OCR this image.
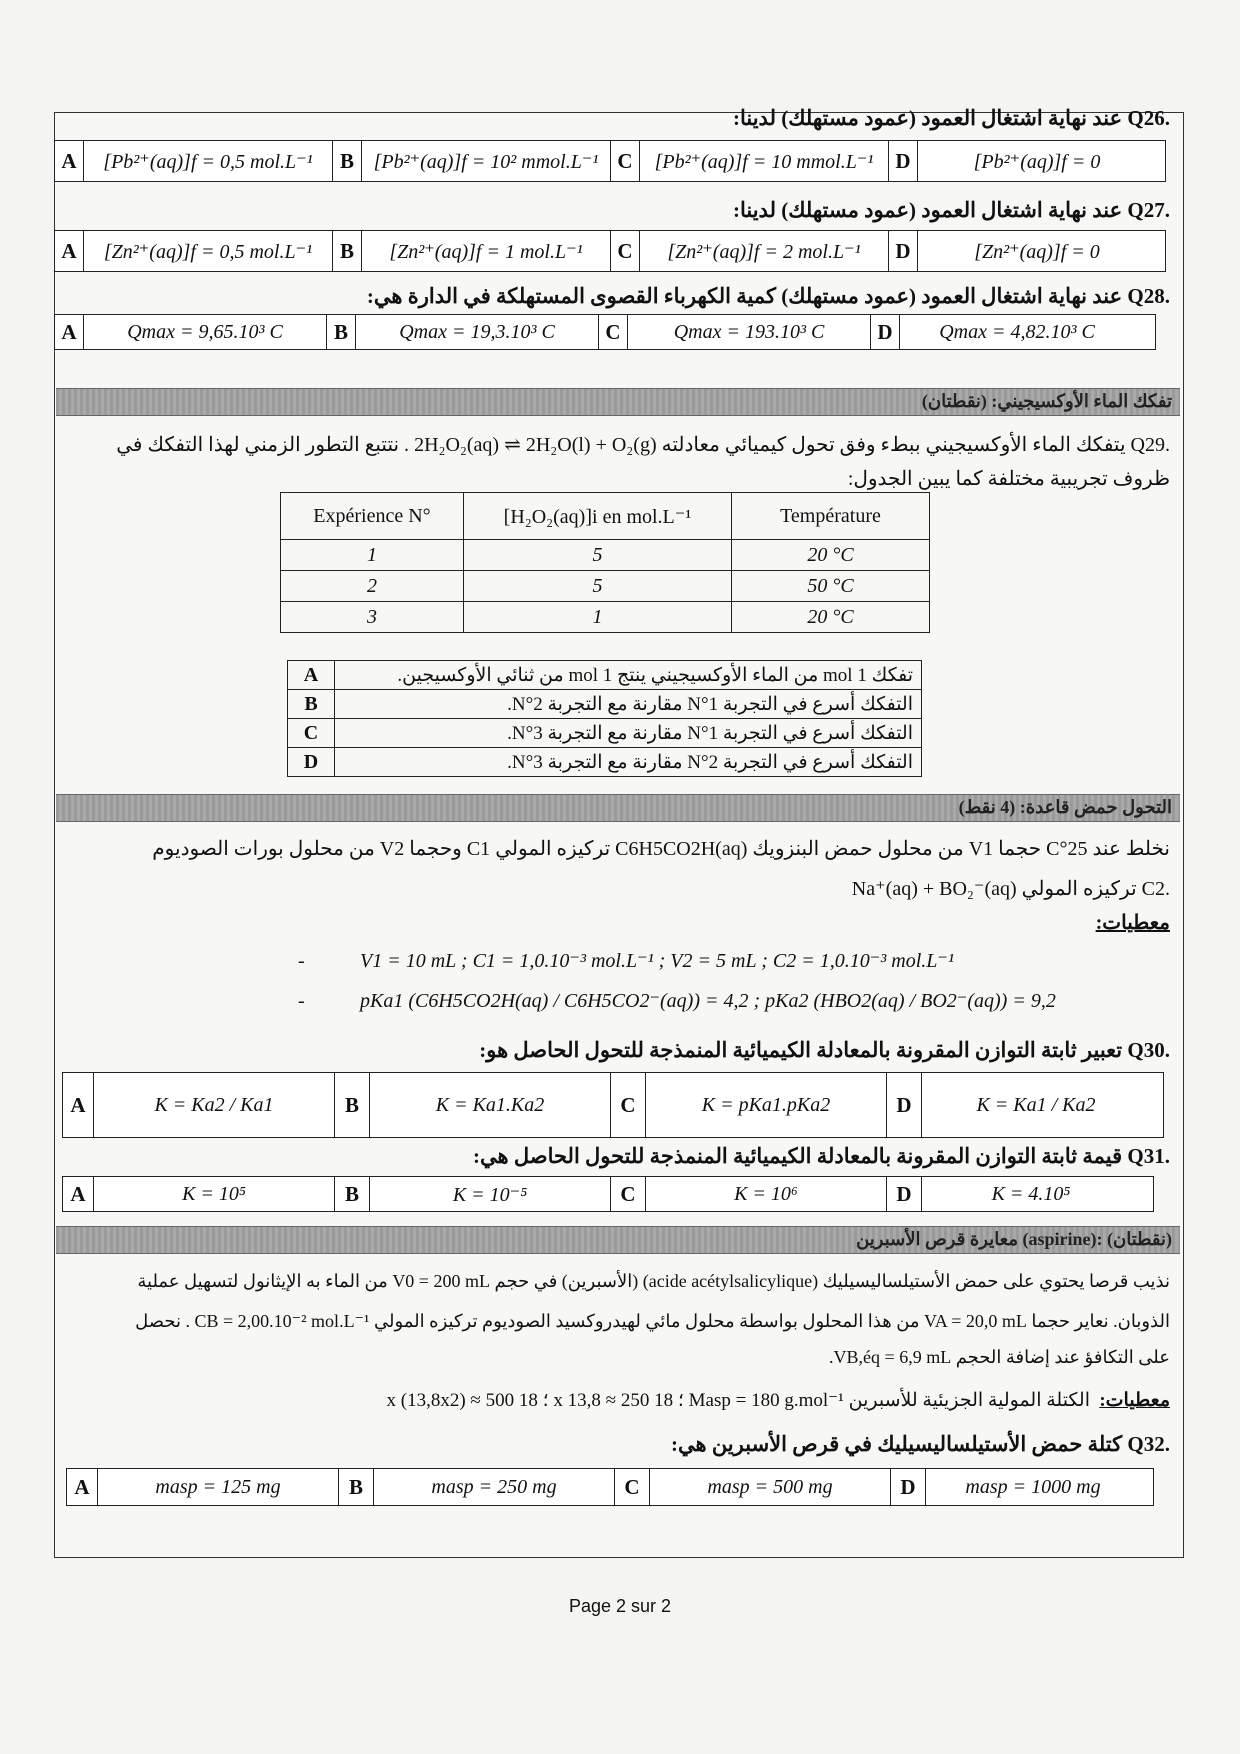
.Q26 عند نهاية اشتغال العمود (عمود مستهلك) لدينا:
A	[Pb²⁺(aq)]f = 0,5 mol.L⁻¹	B [Pb²⁺(aq)]f = 10² mmol.L⁻¹ C	[Pb²⁺(aq)]f = 10 mmol.L⁻¹	D	[Pb²⁺(aq)]f = 0
.Q27 عند نهاية اشتغال العمود (عمود مستهلك) لدينا:
A	[Zn²⁺(aq)]f = 0,5 mol.L⁻¹	B	[Zn²⁺(aq)]f = 1 mol.L⁻¹	C	[Zn²⁺(aq)]f = 2 mol.L⁻¹	D	[Zn²⁺(aq)]f = 0
.Q28 عند نهاية اشتغال العمود (عمود مستهلك) كمية الكهرباء القصوى المستهلكة في الدارة هي:
A	Qmax = 9,65.10³ C	B	Qmax = 19,3.10³ C	C	Qmax = 193.10³ C	D	Qmax = 4,82.10³ C
تفكك الماء الأوكسيجيني: (نقطتان)
.Q29 يتفكك الماء الأوكسيجيني ببطء وفق تحول كيميائي معادلته 2H₂O₂(aq) ⇌ 2H₂O(l) + O₂(g) . نتتبع التطور الزمني لهذا التفكك في
ظروف تجريبية مختلفة كما يبين الجدول:
Expérience N°	[H₂O₂(aq)]i en mol.L⁻¹	Température
1	5	20 °C
2	5	50 °C
3	1	20 °C
A	تفكك 1 mol من الماء الأوكسيجيني ينتج 1 mol من ثنائي الأوكسيجين.
B	التفكك أسرع في التجربة N°1 مقارنة مع التجربة N°2.
C	التفكك أسرع في التجربة N°1 مقارنة مع التجربة N°3.
D	التفكك أسرع في التجربة N°2 مقارنة مع التجربة N°3.
التحول حمض قاعدة: (4 نقط)
نخلط عند 25°C حجما V1 من محلول حمض البنزويك C6H5CO2H(aq) تركيزه المولي C1 وحجما V2 من محلول بورات الصوديوم
.C2 تركيزه المولي Na⁺(aq) + BO₂⁻(aq)
معطيات:
-	V1 = 10 mL ; C1 = 1,0.10⁻³ mol.L⁻¹ ; V2 = 5 mL ; C2 = 1,0.10⁻³ mol.L⁻¹
-	pKa1 (C6H5CO2H(aq) / C6H5CO2⁻(aq)) = 4,2 ; pKa2 (HBO2(aq) / BO2⁻(aq)) = 9,2
.Q30 تعبير ثابتة التوازن المقرونة بالمعادلة الكيميائية المنمذجة للتحول الحاصل هو:
A	K = Ka2 / Ka1	B	K = Ka1.Ka2	C	K = pKa1.pKa2	D	K = Ka1 / Ka2
.Q31 قيمة ثابتة التوازن المقرونة بالمعادلة الكيميائية المنمذجة للتحول الحاصل هي:
A	K = 10⁵	B	K = 10⁻⁵	C	K = 10⁶	D	K = 4.10⁵
معايرة قرص الأسبرين (aspirine): (نقطتان)
نذيب قرصا يحتوي على حمض الأستيلساليسيليك (acide acétylsalicylique) (الأسبرين) في حجم V0 = 200 mL من الماء به الإيثانول لتسهيل عملية
الذوبان. نعاير حجما VA = 20,0 mL من هذا المحلول بواسطة محلول مائي لهيدروكسيد الصوديوم تركيزه المولي CB = 2,00.10⁻² mol.L⁻¹ . نحصل
على التكافؤ عند إضافة الحجم VB,éq = 6,9 mL.
معطيات:
الكتلة المولية الجزيئية للأسبرين Masp = 180 g.mol⁻¹ ؛ 18 x 13,8 ≈ 250 ؛ 18 x (13,8x2) ≈ 500
.Q32 كتلة حمض الأستيلساليسيليك في قرص الأسبرين هي:
A	masp = 125 mg	B	masp = 250 mg	C	masp = 500 mg	D	masp = 1000 mg
Page 2 sur 2
